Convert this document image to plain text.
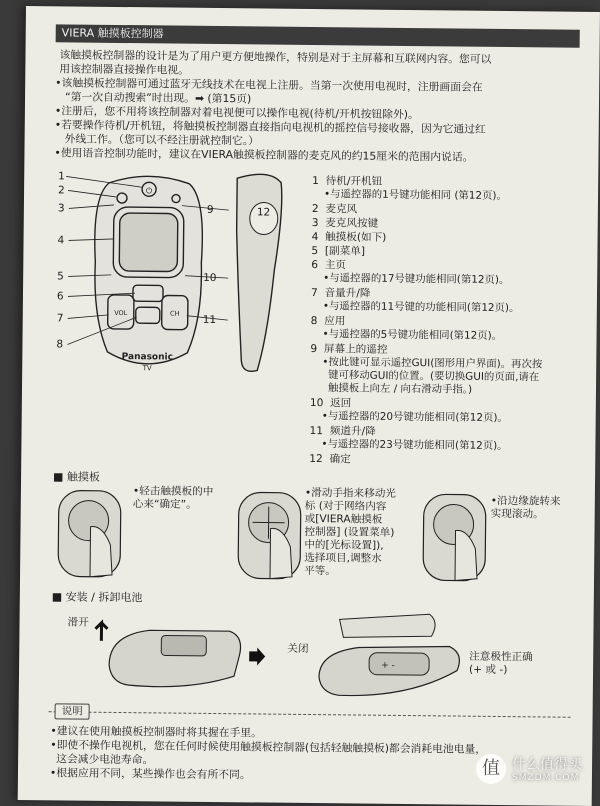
VIERA 触摸板控制器
该触摸板控制器的设计是为了用户更方便地操作，特别是对于主屏幕和互联网内容。您可以
用该控制器直接操作电视。
•该触摸板控制器可通过蓝牙无线技术在电视上注册。当第一次使用电视时，注册画面会在
“第一次自动搜索”时出现。➡ (第15页)
•注册后，您不用将该控制器对着电视便可以操作电视(待机/开机按钮除外)。
•若要操作待机/开机钮，将触摸板控制器直接指向电视机的摇控信号接收器，因为它通过红
外线工作。（您可以不经注册就控制它。）
•使用语音控制功能时，建议在VIERA触摸板控制器的麦克风的约15厘米的范围内说话。
⏻
Panasonic
TV
VOL	CH
1
2
3
4
5
6
7
8
9
10
11
12
1 待机/开机钮
•与遥控器的1号键功能相同 (第12页)。
2 麦克风
3 麦克风按键
4 触摸板(如下)
5 [副菜单]
6 主页
•与遥控器的17号键功能相同(第12页)。
7 音量升/降
•与遥控器的11号键的功能相同(第12页)。
8 应用
•与遥控器的5号键功能相同(第12页)。
9 屏幕上的遥控
•按此键可显示遥控GUI(图形用户界面)。再次按
键可移动GUI的位置。(要切换GUI的页面,请在
触摸板上向左 / 向右滑动手指。)
10 返回
•与遥控器的20号键功能相同(第12页)。
11 频道升/降
•与遥控器的23号键功能相同(第12页)。
12 确定
■ 触摸板
•轻击触摸板的中
心来“确定”。
•滑动手指来移动光
标 (对于网络内容
或[VIERA触摸板
控制器] (设置菜单)
中的[光标设置]),
选择项目,调整水
平等。
•沿边缘旋转来
实现滚动。
■ 安装 / 拆卸电池
滑开
关闭
+ -
注意极性正确
(+ 或 -)
说明
•建议在使用触摸板控制器时将其握在手里。
•即使不操作电视机，您在任何时候使用触摸板控制器(包括轻触触摸板)都会消耗电池电量，
这会减少电池寿命。
•根据应用不同，某些操作也会有所不同。	值 什么值得买
SMZDM.COM
